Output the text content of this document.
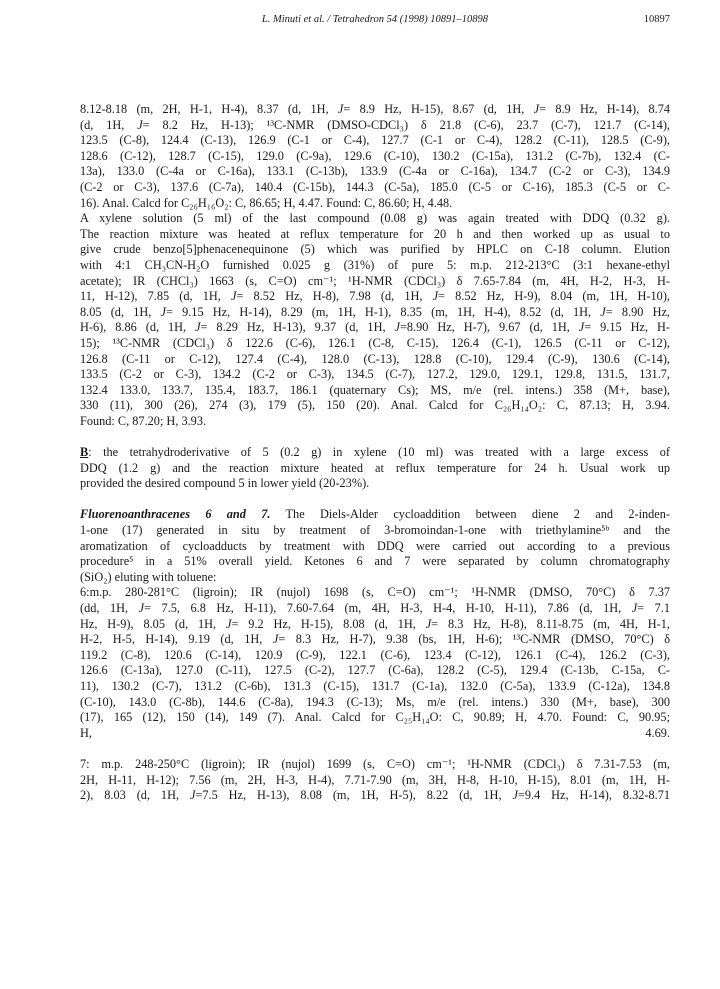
L. Minuti et al. / Tetrahedron 54 (1998) 10891–10898	10897
8.12-8.18 (m, 2H, H-1, H-4), 8.37 (d, 1H, J= 8.9 Hz, H-15), 8.67 (d, 1H, J= 8.9 Hz, H-14), 8.74
(d, 1H, J= 8.2 Hz, H-13); ¹³C-NMR (DMSO-CDCl₃) δ 21.8 (C-6), 23.7 (C-7), 121.7 (C-14),
123.5 (C-8), 124.4 (C-13), 126.9 (C-1 or C-4), 127.7 (C-1 or C-4), 128.2 (C-11), 128.5 (C-9),
128.6 (C-12), 128.7 (C-15), 129.0 (C-9a), 129.6 (C-10), 130.2 (C-15a), 131.2 (C-7b), 132.4 (C-
13a), 133.0 (C-4a or C-16a), 133.1 (C-13b), 133.9 (C-4a or C-16a), 134.7 (C-2 or C-3), 134.9
(C-2 or C-3), 137.6 (C-7a), 140.4 (C-15b), 144.3 (C-5a), 185.0 (C-5 or C-16), 185.3 (C-5 or C-
16). Anal. Calcd for C₂₆H₁₆O₂: C, 86.65; H, 4.47. Found: C, 86.60; H, 4.48.
A xylene solution (5 ml) of the last compound (0.08 g) was again treated with DDQ (0.32 g).
The reaction mixture was heated at reflux temperature for 20 h and then worked up as usual to
give crude benzo[5]phenacenequinone (5) which was purified by HPLC on C-18 column. Elution
with 4:1 CH₃CN-H₂O furnished 0.025 g (31%) of pure 5: m.p. 212-213°C (3:1 hexane-ethyl
acetate); IR (CHCl₃) 1663 (s, C=O) cm⁻¹; ¹H-NMR (CDCl₃) δ 7.65-7.84 (m, 4H, H-2, H-3, H-
11, H-12), 7.85 (d, 1H, J= 8.52 Hz, H-8), 7.98 (d, 1H, J= 8.52 Hz, H-9), 8.04 (m, 1H, H-10),
8.05 (d, 1H, J= 9.15 Hz, H-14), 8.29 (m, 1H, H-1), 8.35 (m, 1H, H-4), 8.52 (d, 1H, J= 8.90 Hz,
H-6), 8.86 (d, 1H, J= 8.29 Hz, H-13), 9.37 (d, 1H, J=8.90 Hz, H-7), 9.67 (d, 1H, J= 9.15 Hz, H-
15); ¹³C-NMR (CDCl₃) δ 122.6 (C-6), 126.1 (C-8, C-15), 126.4 (C-1), 126.5 (C-11 or C-12),
126.8 (C-11 or C-12), 127.4 (C-4), 128.0 (C-13), 128.8 (C-10), 129.4 (C-9), 130.6 (C-14),
133.5 (C-2 or C-3), 134.2 (C-2 or C-3), 134.5 (C-7), 127.2, 129.0, 129.1, 129.8, 131.5, 131.7,
132.4 133.0, 133.7, 135.4, 183.7, 186.1 (quaternary Cs); MS, m/e (rel. intens.) 358 (M+, base),
330 (11), 300 (26), 274 (3), 179 (5), 150 (20). Anal. Calcd for C₂₆H₁₄O₂: C, 87.13; H, 3.94.
Found: C, 87.20; H, 3.93.
B: the tetrahydroderivative of 5 (0.2 g) in xylene (10 ml) was treated with a large excess of
DDQ (1.2 g) and the reaction mixture heated at reflux temperature for 24 h. Usual work up
provided the desired compound 5 in lower yield (20-23%).
Fluorenoanthracenes 6 and 7. The Diels-Alder cycloaddition between diene 2 and 2-inden-
1-one (17) generated in situ by treatment of 3-bromoindan-1-one with triethylamine⁵ᵇ and the
aromatization of cycloadducts by treatment with DDQ were carried out according to a previous
procedure⁵ in a 51% overall yield. Ketones 6 and 7 were separated by column chromatography
(SiO₂) eluting with toluene:
6:m.p. 280-281°C (ligroin); IR (nujol) 1698 (s, C=O) cm⁻¹; ¹H-NMR (DMSO, 70°C) δ 7.37
(dd, 1H, J= 7.5, 6.8 Hz, H-11), 7.60-7.64 (m, 4H, H-3, H-4, H-10, H-11), 7.86 (d, 1H, J= 7.1
Hz, H-9), 8.05 (d, 1H, J= 9.2 Hz, H-15), 8.08 (d, 1H, J= 8.3 Hz, H-8), 8.11-8.75 (m, 4H, H-1,
H-2, H-5, H-14), 9.19 (d, 1H, J= 8.3 Hz, H-7), 9.38 (bs, 1H, H-6); ¹³C-NMR (DMSO, 70°C) δ
119.2 (C-8), 120.6 (C-14), 120.9 (C-9), 122.1 (C-6), 123.4 (C-12), 126.1 (C-4), 126.2 (C-3),
126.6 (C-13a), 127.0 (C-11), 127.5 (C-2), 127.7 (C-6a), 128.2 (C-5), 129.4 (C-13b, C-15a, C-
11), 130.2 (C-7), 131.2 (C-6b), 131.3 (C-15), 131.7 (C-1a), 132.0 (C-5a), 133.9 (C-12a), 134.8
(C-10), 143.0 (C-8b), 144.6 (C-8a), 194.3 (C-13); Ms, m/e (rel. intens.) 330 (M+, base), 300
(17), 165 (12), 150 (14), 149 (7). Anal. Calcd for C₂₅H₁₄O: C, 90.89; H, 4.70. Found: C, 90.95;
H, 4.69.
7: m.p. 248-250°C (ligroin); IR (nujol) 1699 (s, C=O) cm⁻¹; ¹H-NMR (CDCl₃) δ 7.31-7.53 (m,
2H, H-11, H-12); 7.56 (m, 2H, H-3, H-4), 7.71-7.90 (m, 3H, H-8, H-10, H-15), 8.01 (m, 1H, H-
2), 8.03 (d, 1H, J=7.5 Hz, H-13), 8.08 (m, 1H, H-5), 8.22 (d, 1H, J=9.4 Hz, H-14), 8.32-8.71
